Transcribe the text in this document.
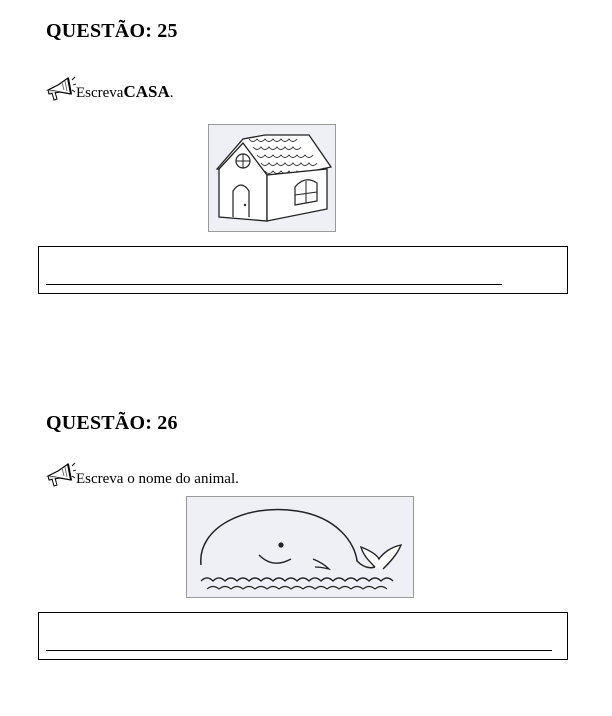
QUESTÃO: 25
Escreva CASA .
QUESTÃO: 26
Escreva o nome do animal.
